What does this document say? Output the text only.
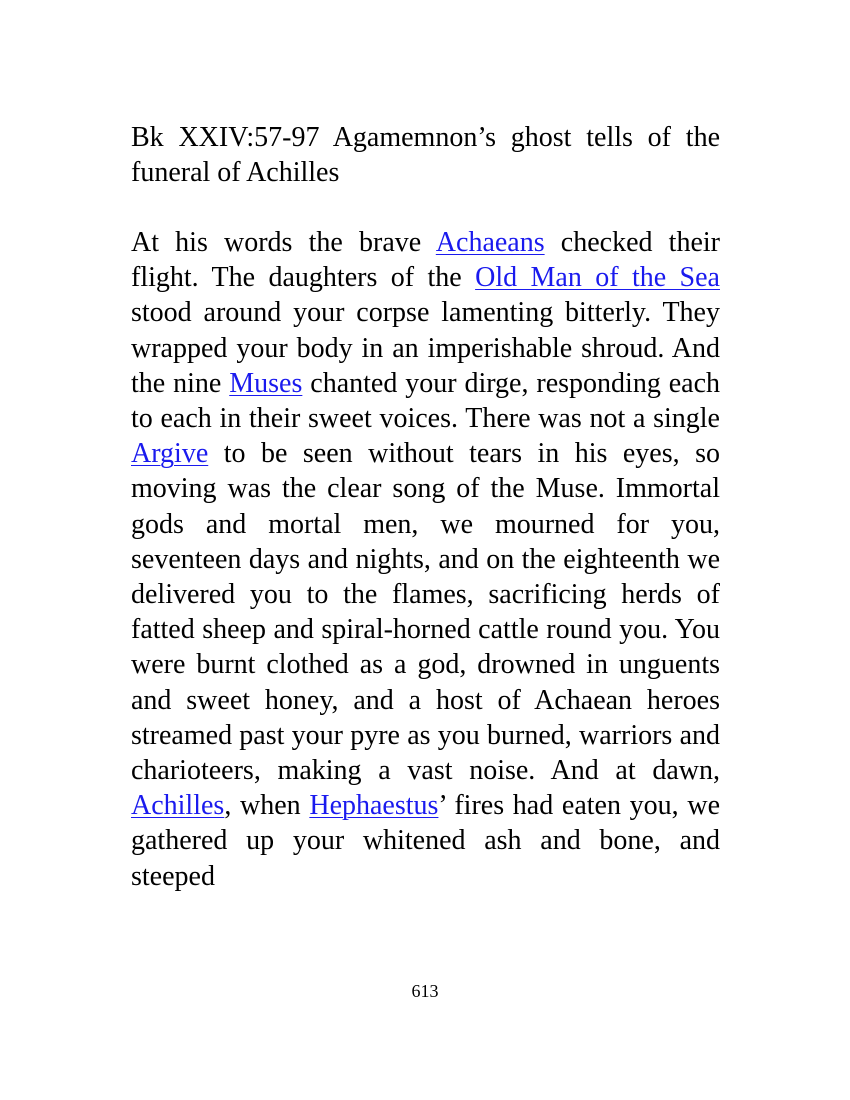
Bk XXIV:57-97 Agamemnon’s ghost tells of the funeral of Achilles

At his words the brave Achaeans checked their flight. The daughters of the Old Man of the Sea stood around your corpse lamenting bitterly. They wrapped your body in an imperishable shroud. And the nine Muses chanted your dirge, responding each to each in their sweet voices. There was not a single Argive to be seen without tears in his eyes, so moving was the clear song of the Muse. Immortal gods and mortal men, we mourned for you, seventeen days and nights, and on the eighteenth we delivered you to the flames, sacrificing herds of fatted sheep and spiral-horned cattle round you. You were burnt clothed as a god, drowned in unguents and sweet honey, and a host of Achaean heroes streamed past your pyre as you burned, warriors and charioteers, making a vast noise. And at dawn, Achilles, when Hephaestus’ fires had eaten you, we gathered up your whitened ash and bone, and steeped

613
